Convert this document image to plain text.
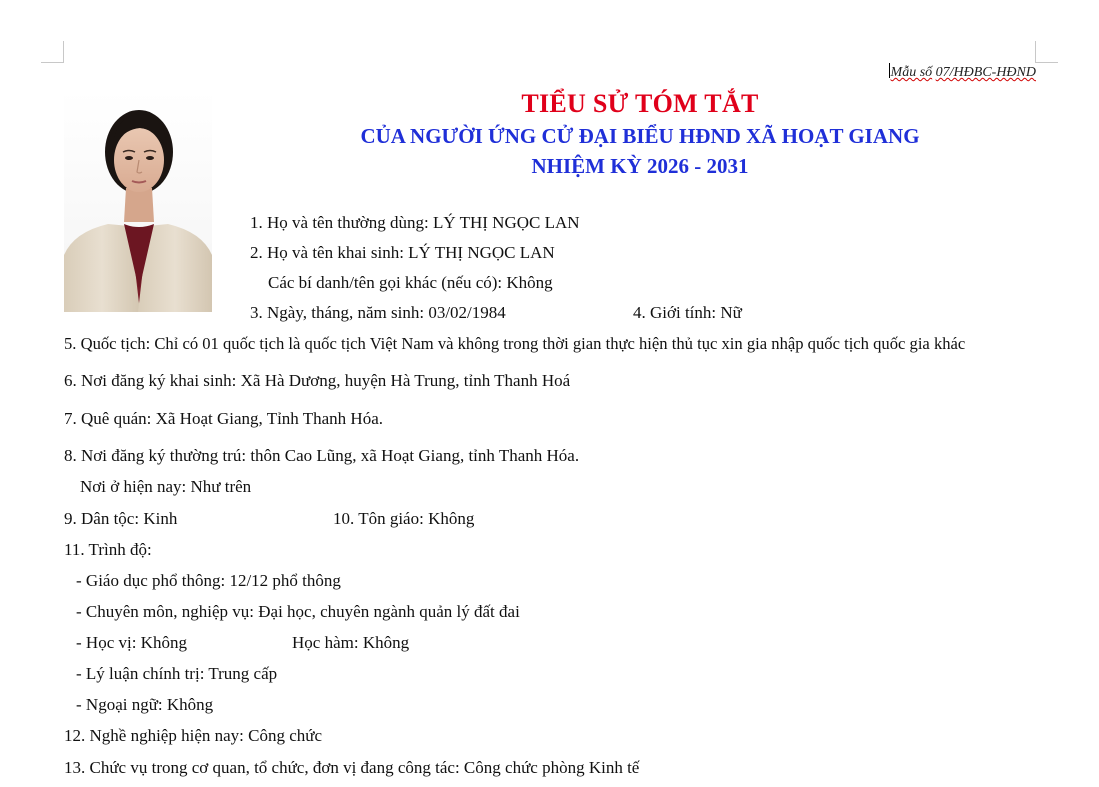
Mẫu số 07/HĐBC-HĐND
TIỂU SỬ TÓM TẮT
CỦA NGƯỜI ỨNG CỬ ĐẠI BIỂU HĐND XÃ HOẠT GIANG
NHIỆM KỲ 2026 - 2031
1. Họ và tên thường dùng: LÝ THỊ NGỌC LAN
2. Họ và tên khai sinh: LÝ THỊ NGỌC LAN
Các bí danh/tên gọi khác (nếu có): Không
3. Ngày, tháng, năm sinh: 03/02/1984	4. Giới tính: Nữ
5. Quốc tịch: Chỉ có 01 quốc tịch là quốc tịch Việt Nam và không trong thời gian thực hiện thủ tục xin gia nhập quốc tịch quốc gia khác
6. Nơi đăng ký khai sinh: Xã Hà Dương, huyện Hà Trung, tỉnh Thanh Hoá
7. Quê quán: Xã Hoạt Giang, Tỉnh Thanh Hóa.
8. Nơi đăng ký thường trú: thôn Cao Lũng, xã Hoạt Giang, tỉnh Thanh Hóa.
Nơi ở hiện nay: Như trên
9. Dân tộc: Kinh	10. Tôn giáo: Không
11. Trình độ:
- Giáo dục phổ thông: 12/12 phổ thông
- Chuyên môn, nghiệp vụ: Đại học, chuyên ngành quản lý đất đai
- Học vị: Không	Học hàm: Không
- Lý luận chính trị: Trung cấp
- Ngoại ngữ: Không
12. Nghề nghiệp hiện nay: Công chức
13. Chức vụ trong cơ quan, tổ chức, đơn vị đang công tác: Công chức phòng Kinh tế
